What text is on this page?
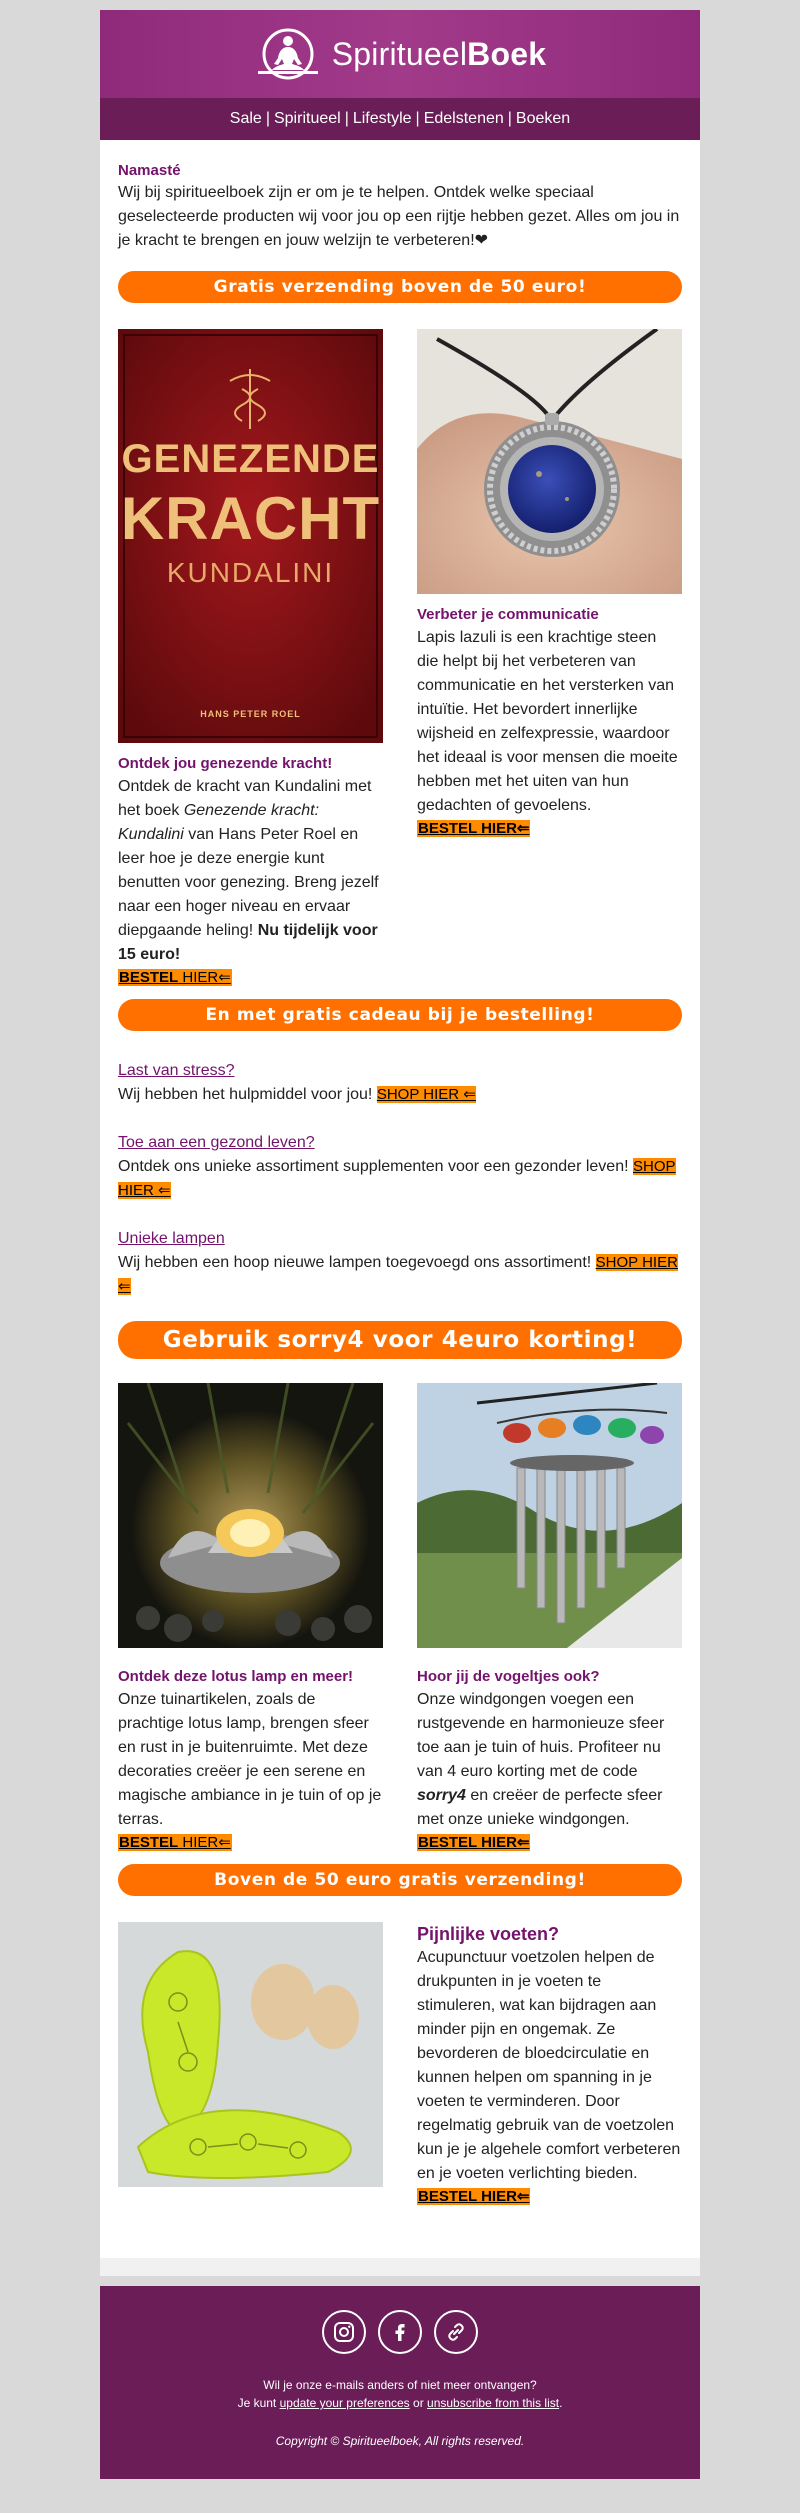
SpiritueelBoek
Sale | Spiritueel | Lifestyle | Edelstenen | Boeken
Namasté
Wij bij spiritueelboek zijn er om je te helpen. Ontdek welke speciaal geselecteerde producten wij voor jou op een rijtje hebben gezet. Alles om jou in je kracht te brengen en jouw welzijn te verbeteren!❤
Gratis verzending boven de 50 euro!
GENEZENDE
KRACHT
KUNDALINI
HANS PETER ROEL
Ontdek jou genezende kracht!
Ontdek de kracht van Kundalini met het boek Genezende kracht: Kundalini van Hans Peter Roel en leer hoe je deze energie kunt benutten voor genezing. Breng jezelf naar een hoger niveau en ervaar diepgaande heling! Nu tijdelijk voor 15 euro!
BESTEL HIER⇐
Verbeter je communicatie
Lapis lazuli is een krachtige steen die helpt bij het verbeteren van communicatie en het versterken van intuïtie. Het bevordert innerlijke wijsheid en zelfexpressie, waardoor het ideaal is voor mensen die moeite hebben met het uiten van hun gedachten of gevoelens.
BESTEL HIER⇐
En met gratis cadeau bij je bestelling!
Last van stress?
Wij hebben het hulpmiddel voor jou! SHOP HIER ⇐
Toe aan een gezond leven?
Ontdek ons unieke assortiment supplementen voor een gezonder leven! SHOP HIER ⇐
Unieke lampen
Wij hebben een hoop nieuwe lampen toegevoegd ons assortiment! SHOP HIER ⇐
Gebruik sorry4 voor 4euro korting!
Ontdek deze lotus lamp en meer!
Onze tuinartikelen, zoals de prachtige lotus lamp, brengen sfeer en rust in je buitenruimte. Met deze decoraties creëer je een serene en magische ambiance in je tuin of op je terras.
BESTEL HIER⇐
Hoor jij de vogeltjes ook?
Onze windgongen voegen een rustgevende en harmonieuze sfeer toe aan je tuin of huis. Profiteer nu van 4 euro korting met de code sorry4 en creëer de perfecte sfeer met onze unieke windgongen.
BESTEL HIER⇐
Boven de 50 euro gratis verzending!
Pijnlijke voeten?
Acupunctuur voetzolen helpen de drukpunten in je voeten te stimuleren, wat kan bijdragen aan minder pijn en ongemak. Ze bevorderen de bloedcirculatie en kunnen helpen om spanning in je voeten te verminderen. Door regelmatig gebruik van de voetzolen kun je je algehele comfort verbeteren en je voeten verlichting bieden.
BESTEL HIER⇐
Wil je onze e-mails anders of niet meer ontvangen?
Je kunt update your preferences or unsubscribe from this list.
Copyright © Spiritueelboek, All rights reserved.
